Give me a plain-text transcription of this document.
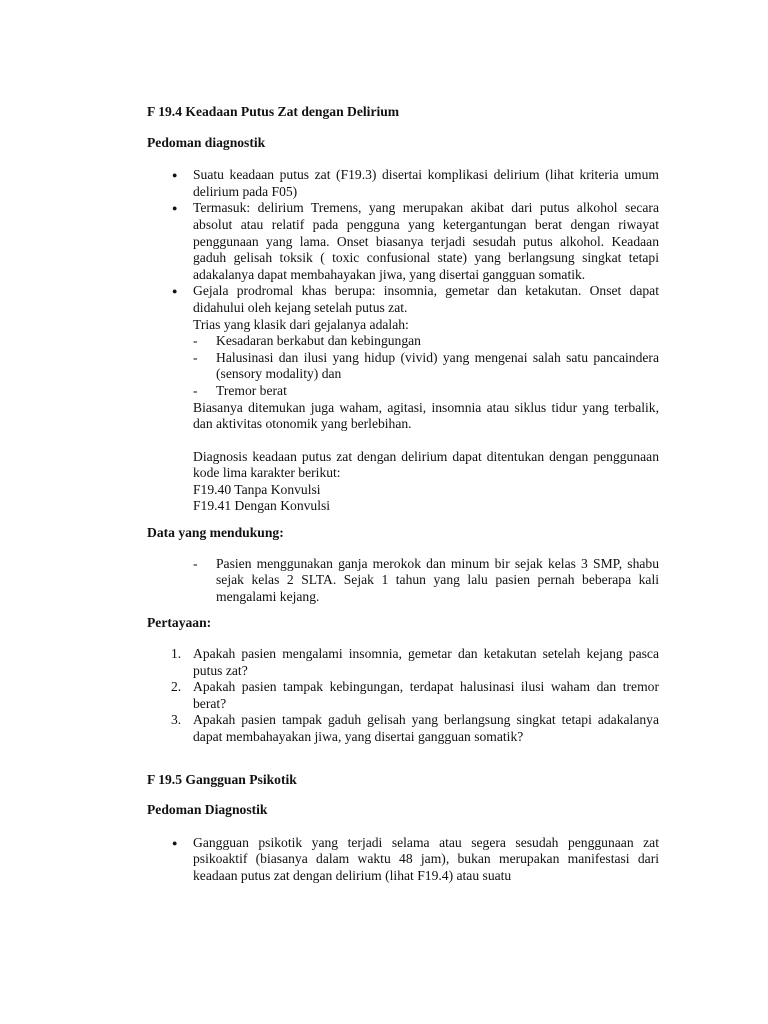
F 19.4 Keadaan Putus Zat dengan Delirium
Pedoman diagnostik
● Suatu keadaan putus zat (F19.3) disertai komplikasi delirium (lihat kriteria umum delirium pada F05)
● Termasuk: delirium Tremens, yang merupakan akibat dari putus alkohol secara absolut atau relatif pada pengguna yang ketergantungan berat dengan riwayat penggunaan yang lama. Onset biasanya terjadi sesudah putus alkohol. Keadaan gaduh gelisah toksik ( toxic confusional state) yang berlangsung singkat tetapi adakalanya dapat membahayakan jiwa, yang disertai gangguan somatik.
● Gejala prodromal khas berupa: insomnia, gemetar dan ketakutan. Onset dapat didahului oleh kejang setelah putus zat.
Trias yang klasik dari gejalanya adalah:
- Kesadaran berkabut dan kebingungan
- Halusinasi dan ilusi yang hidup (vivid) yang mengenai salah satu pancaindera (sensory modality) dan
- Tremor berat
Biasanya ditemukan juga waham, agitasi, insomnia atau siklus tidur yang terbalik, dan aktivitas otonomik yang berlebihan.
Diagnosis keadaan putus zat dengan delirium dapat ditentukan dengan penggunaan kode lima karakter berikut:
F19.40 Tanpa Konvulsi
F19.41 Dengan Konvulsi
Data yang mendukung:
- Pasien menggunakan ganja merokok dan minum bir sejak kelas 3 SMP, shabu sejak kelas 2 SLTA. Sejak 1 tahun yang lalu pasien pernah beberapa kali mengalami kejang.
Pertayaan:
1. Apakah pasien mengalami insomnia, gemetar dan ketakutan setelah kejang pasca putus zat?
2. Apakah pasien tampak kebingungan, terdapat halusinasi ilusi waham dan tremor berat?
3. Apakah pasien tampak gaduh gelisah yang berlangsung singkat tetapi adakalanya dapat membahayakan jiwa, yang disertai gangguan somatik?
F 19.5 Gangguan Psikotik
Pedoman Diagnostik
● Gangguan psikotik yang terjadi selama atau segera sesudah penggunaan zat psikoaktif (biasanya dalam waktu 48 jam), bukan merupakan manifestasi dari keadaan putus zat dengan delirium (lihat F19.4) atau suatu
